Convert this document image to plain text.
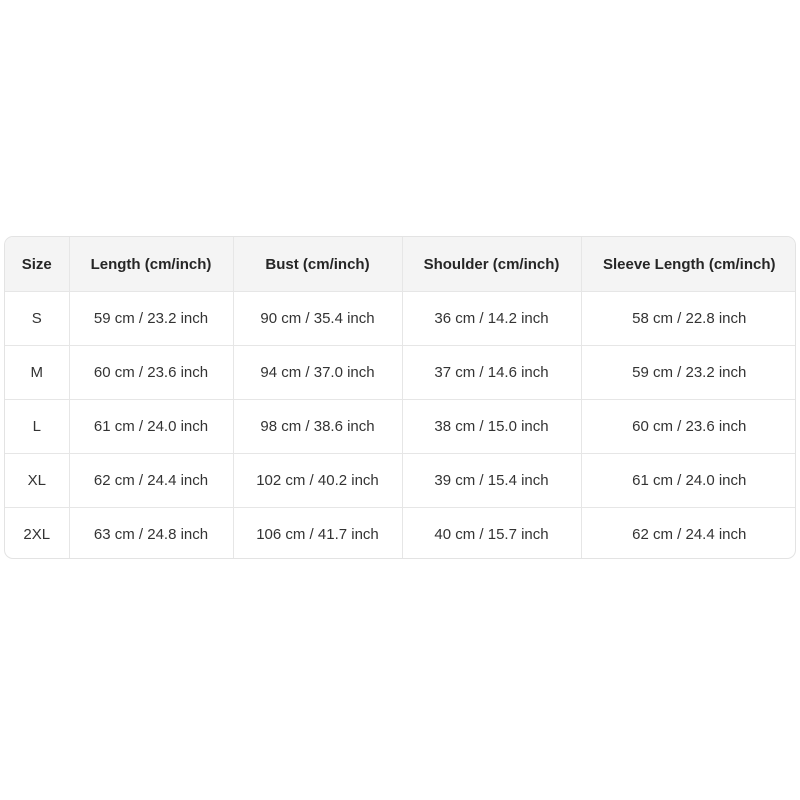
Size	Length (cm/inch)	Bust (cm/inch)	Shoulder (cm/inch)	Sleeve Length (cm/inch)
S	59 cm / 23.2 inch	90 cm / 35.4 inch	36 cm / 14.2 inch	58 cm / 22.8 inch
M	60 cm / 23.6 inch	94 cm / 37.0 inch	37 cm / 14.6 inch	59 cm / 23.2 inch
L	61 cm / 24.0 inch	98 cm / 38.6 inch	38 cm / 15.0 inch	60 cm / 23.6 inch
XL	62 cm / 24.4 inch	102 cm / 40.2 inch	39 cm / 15.4 inch	61 cm / 24.0 inch
2XL	63 cm / 24.8 inch	106 cm / 41.7 inch	40 cm / 15.7 inch	62 cm / 24.4 inch
